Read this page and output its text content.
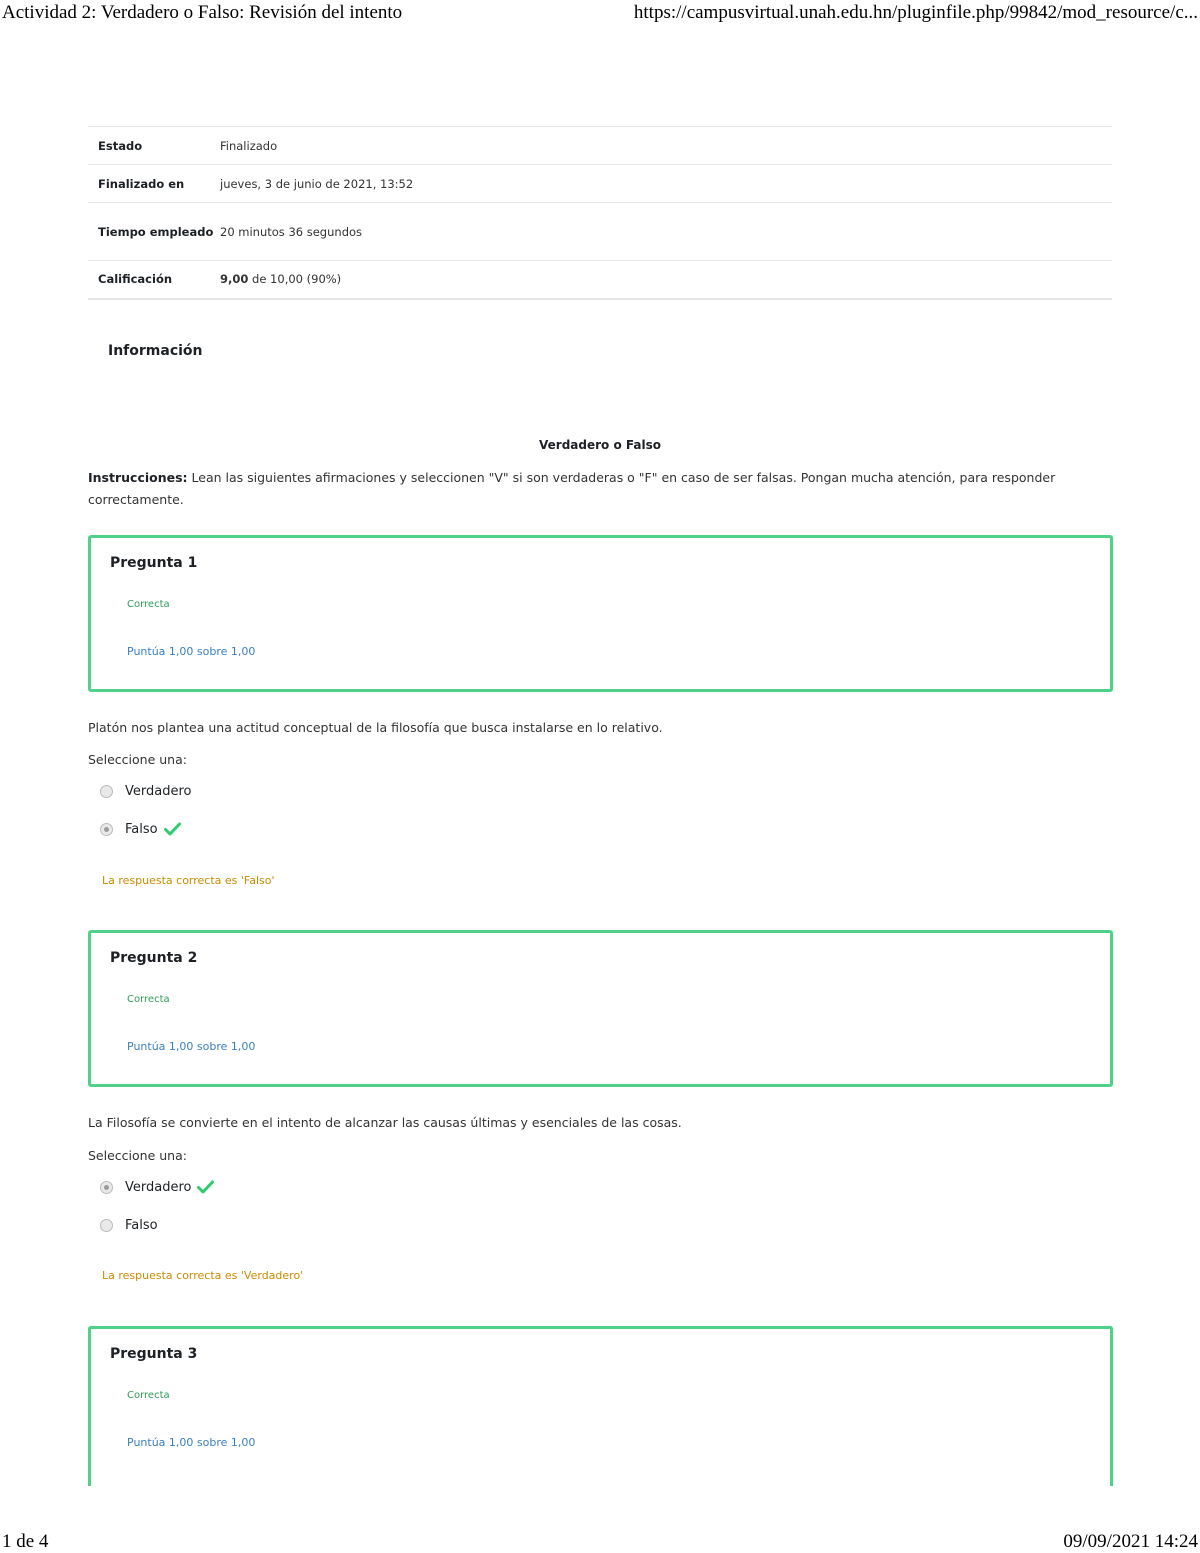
Actividad 2: Verdadero o Falso: Revisión del intento	https://campusvirtual.unah.edu.hn/pluginfile.php/99842/mod_resource/c...
Estado	Finalizado
Finalizado en	jueves, 3 de junio de 2021, 13:52
Tiempo empleado	20 minutos 36 segundos
Calificación	9,00 de 10,00 (90%)
Información
Verdadero o Falso
Instrucciones: Lean las siguientes afirmaciones y seleccionen "V" si son verdaderas o "F" en caso de ser falsas. Pongan mucha atención, para responder correctamente.
Pregunta 1
Correcta
Puntúa 1,00 sobre 1,00
Platón nos plantea una actitud conceptual de la filosofía que busca instalarse en lo relativo.
Seleccione una:
Verdadero
Falso
La respuesta correcta es 'Falso'
Pregunta 2
Correcta
Puntúa 1,00 sobre 1,00
La Filosofía se convierte en el intento de alcanzar las causas últimas y esenciales de las cosas.
Seleccione una:
Verdadero
Falso
La respuesta correcta es 'Verdadero'
Pregunta 3
Correcta
Puntúa 1,00 sobre 1,00
1 de 4	09/09/2021 14:24
